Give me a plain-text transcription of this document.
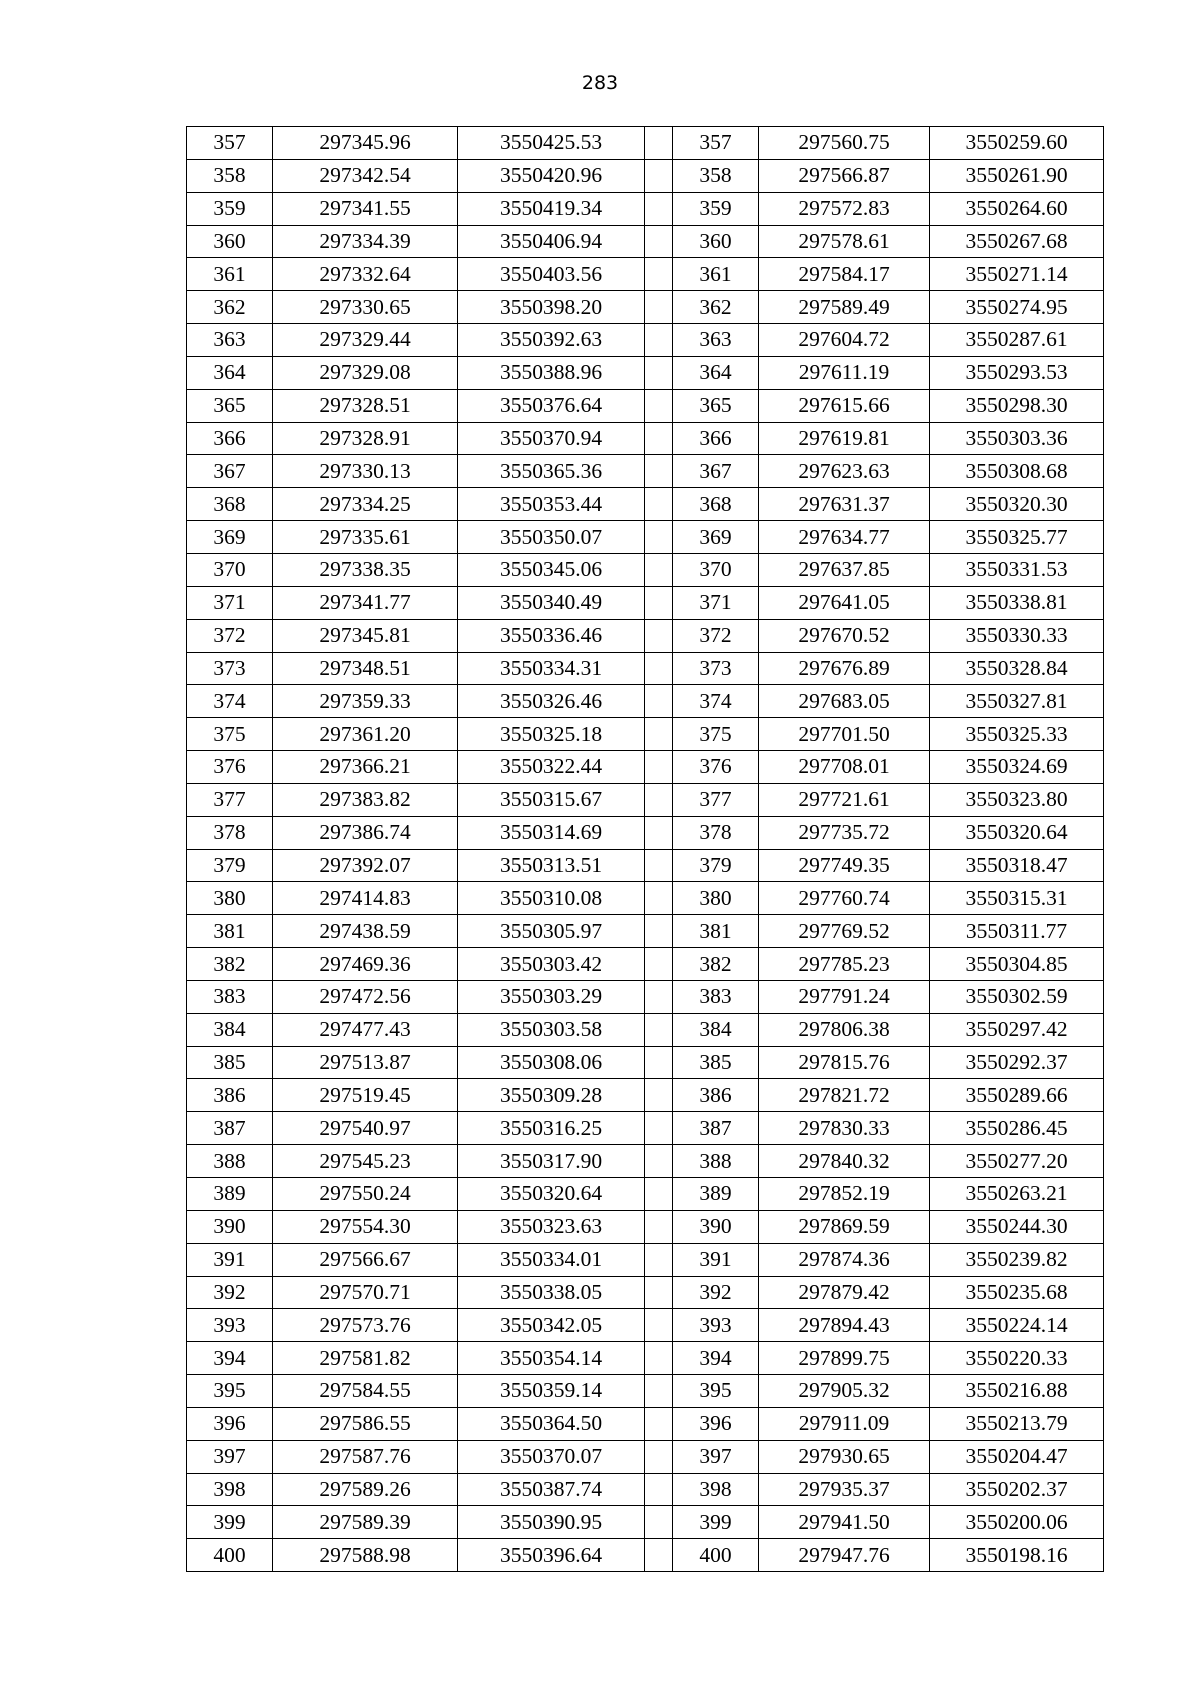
283
357	297345.96	3550425.53		357	297560.75	3550259.60
358	297342.54	3550420.96		358	297566.87	3550261.90
359	297341.55	3550419.34		359	297572.83	3550264.60
360	297334.39	3550406.94		360	297578.61	3550267.68
361	297332.64	3550403.56		361	297584.17	3550271.14
362	297330.65	3550398.20		362	297589.49	3550274.95
363	297329.44	3550392.63		363	297604.72	3550287.61
364	297329.08	3550388.96		364	297611.19	3550293.53
365	297328.51	3550376.64		365	297615.66	3550298.30
366	297328.91	3550370.94		366	297619.81	3550303.36
367	297330.13	3550365.36		367	297623.63	3550308.68
368	297334.25	3550353.44		368	297631.37	3550320.30
369	297335.61	3550350.07		369	297634.77	3550325.77
370	297338.35	3550345.06		370	297637.85	3550331.53
371	297341.77	3550340.49		371	297641.05	3550338.81
372	297345.81	3550336.46		372	297670.52	3550330.33
373	297348.51	3550334.31		373	297676.89	3550328.84
374	297359.33	3550326.46		374	297683.05	3550327.81
375	297361.20	3550325.18		375	297701.50	3550325.33
376	297366.21	3550322.44		376	297708.01	3550324.69
377	297383.82	3550315.67		377	297721.61	3550323.80
378	297386.74	3550314.69		378	297735.72	3550320.64
379	297392.07	3550313.51		379	297749.35	3550318.47
380	297414.83	3550310.08		380	297760.74	3550315.31
381	297438.59	3550305.97		381	297769.52	3550311.77
382	297469.36	3550303.42		382	297785.23	3550304.85
383	297472.56	3550303.29		383	297791.24	3550302.59
384	297477.43	3550303.58		384	297806.38	3550297.42
385	297513.87	3550308.06		385	297815.76	3550292.37
386	297519.45	3550309.28		386	297821.72	3550289.66
387	297540.97	3550316.25		387	297830.33	3550286.45
388	297545.23	3550317.90		388	297840.32	3550277.20
389	297550.24	3550320.64		389	297852.19	3550263.21
390	297554.30	3550323.63		390	297869.59	3550244.30
391	297566.67	3550334.01		391	297874.36	3550239.82
392	297570.71	3550338.05		392	297879.42	3550235.68
393	297573.76	3550342.05		393	297894.43	3550224.14
394	297581.82	3550354.14		394	297899.75	3550220.33
395	297584.55	3550359.14		395	297905.32	3550216.88
396	297586.55	3550364.50		396	297911.09	3550213.79
397	297587.76	3550370.07		397	297930.65	3550204.47
398	297589.26	3550387.74		398	297935.37	3550202.37
399	297589.39	3550390.95		399	297941.50	3550200.06
400	297588.98	3550396.64		400	297947.76	3550198.16
